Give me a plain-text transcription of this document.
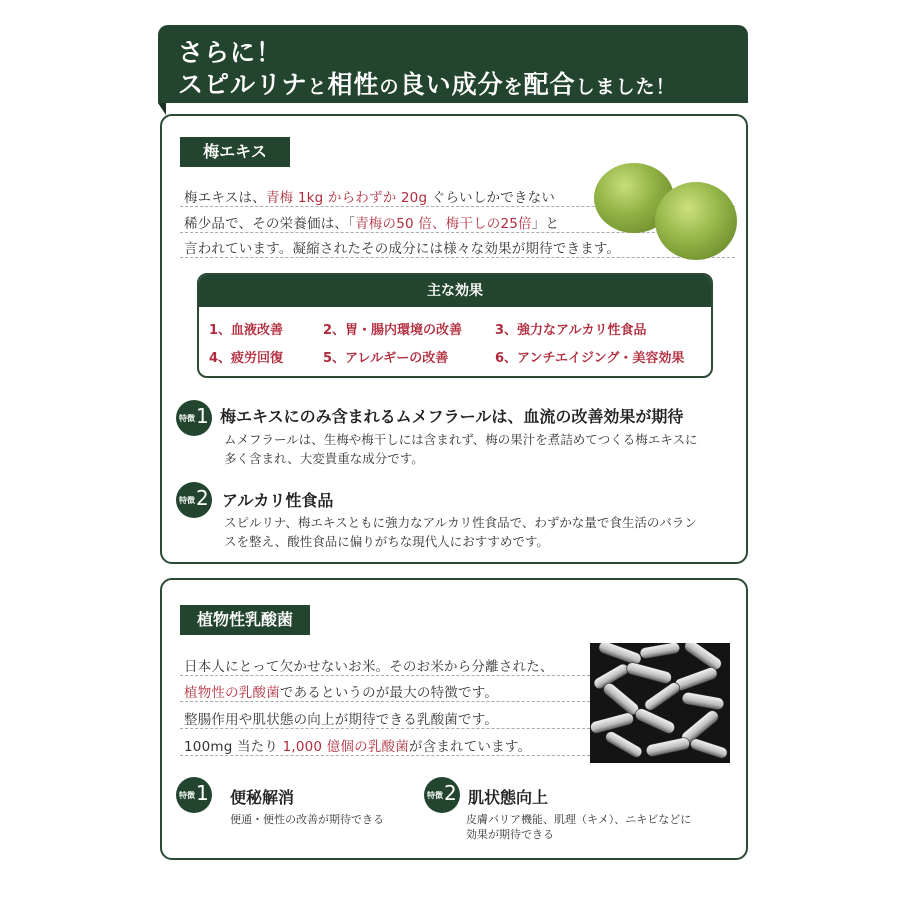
さらに！
スピルリナと相性の良い成分を配合しました！
梅エキス
梅エキスは、青梅 1kg からわずか 20g ぐらいしかできない
稀少品で、その栄養価は、「青梅の50 倍、梅干しの25倍」と
言われています。凝縮されたその成分には様々な効果が期待できます。
主な効果
1、血液改善	2、胃・腸内環境の改善	3、強力なアルカリ性食品
4、疲労回復	5、アレルギーの改善	6、アンチエイジング・美容効果
特徴 1 梅エキスにのみ含まれるムメフラールは、血流の改善効果が期待
ムメフラールは、生梅や梅干しには含まれず、梅の果汁を煮詰めてつくる梅エキスに
多く含まれ、大変貴重な成分です。
特徴 2 アルカリ性食品
スピルリナ、梅エキスともに強力なアルカリ性食品で、わずかな量で食生活のバラン
スを整え、酸性食品に偏りがちな現代人におすすめです。
植物性乳酸菌
日本人にとって欠かせないお米。そのお米から分離された、
植物性の乳酸菌であるというのが最大の特徴です。
整腸作用や肌状態の向上が期待できる乳酸菌です。
100mg 当たり 1,000 億個の乳酸菌が含まれています。
特徴 1 便秘解消
便通・便性の改善が期待できる
特徴 2 肌状態向上
皮膚バリア機能、肌理（キメ）、ニキビなどに
効果が期待できる
